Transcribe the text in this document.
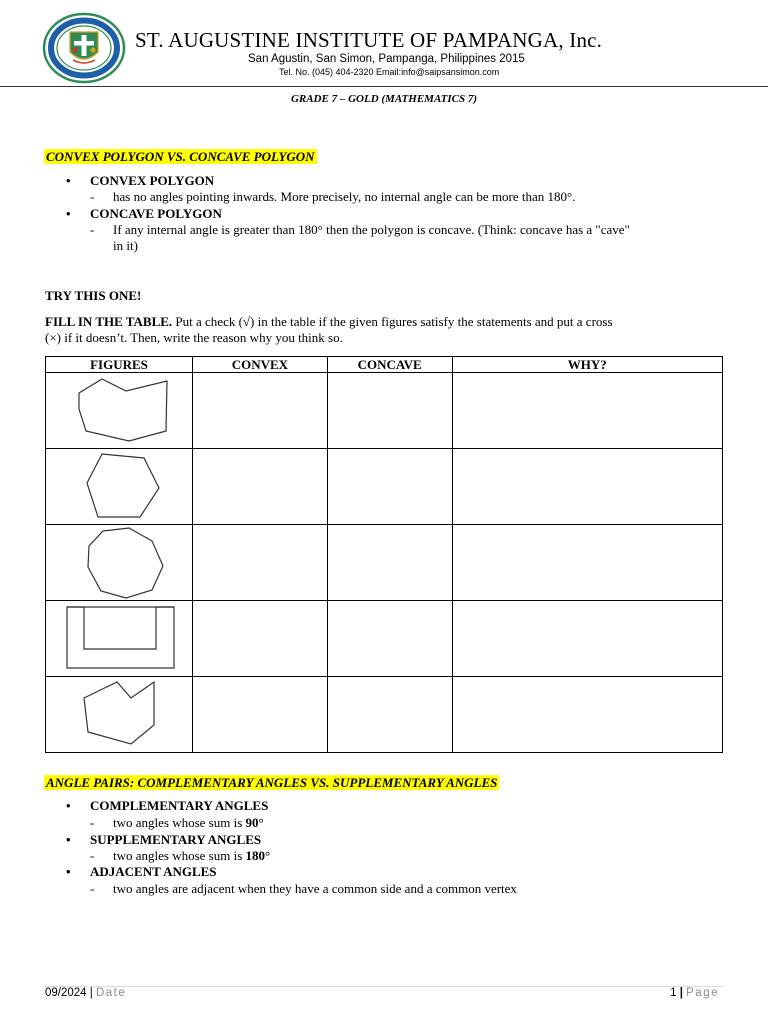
ST. AUGUSTINE INSTITUTE OF PAMPANGA, Inc.
San Agustin, San Simon, Pampanga, Philippines 2015
Tel. No. (045) 404-2320 Email:info@saipsansimon.com
GRADE 7 – GOLD (MATHEMATICS 7)
CONVEX POLYGON VS. CONCAVE POLYGON
• CONVEX POLYGON
- has no angles pointing inwards. More precisely, no internal angle can be more than 180°.
• CONCAVE POLYGON
- If any internal angle is greater than 180° then the polygon is concave. (Think: concave has a "cave"
in it)
TRY THIS ONE!
FILL IN THE TABLE. Put a check (√) in the table if the given figures satisfy the statements and put a cross
(×) if it doesn’t. Then, write the reason why you think so.
FIGURES	CONVEX	CONCAVE	WHY?

ANGLE PAIRS: COMPLEMENTARY ANGLES VS. SUPPLEMENTARY ANGLES
• COMPLEMENTARY ANGLES
- two angles whose sum is 90°
• SUPPLEMENTARY ANGLES
- two angles whose sum is 180°
• ADJACENT ANGLES
- two angles are adjacent when they have a common side and a common vertex
09/2024 | Date	1 | Page
